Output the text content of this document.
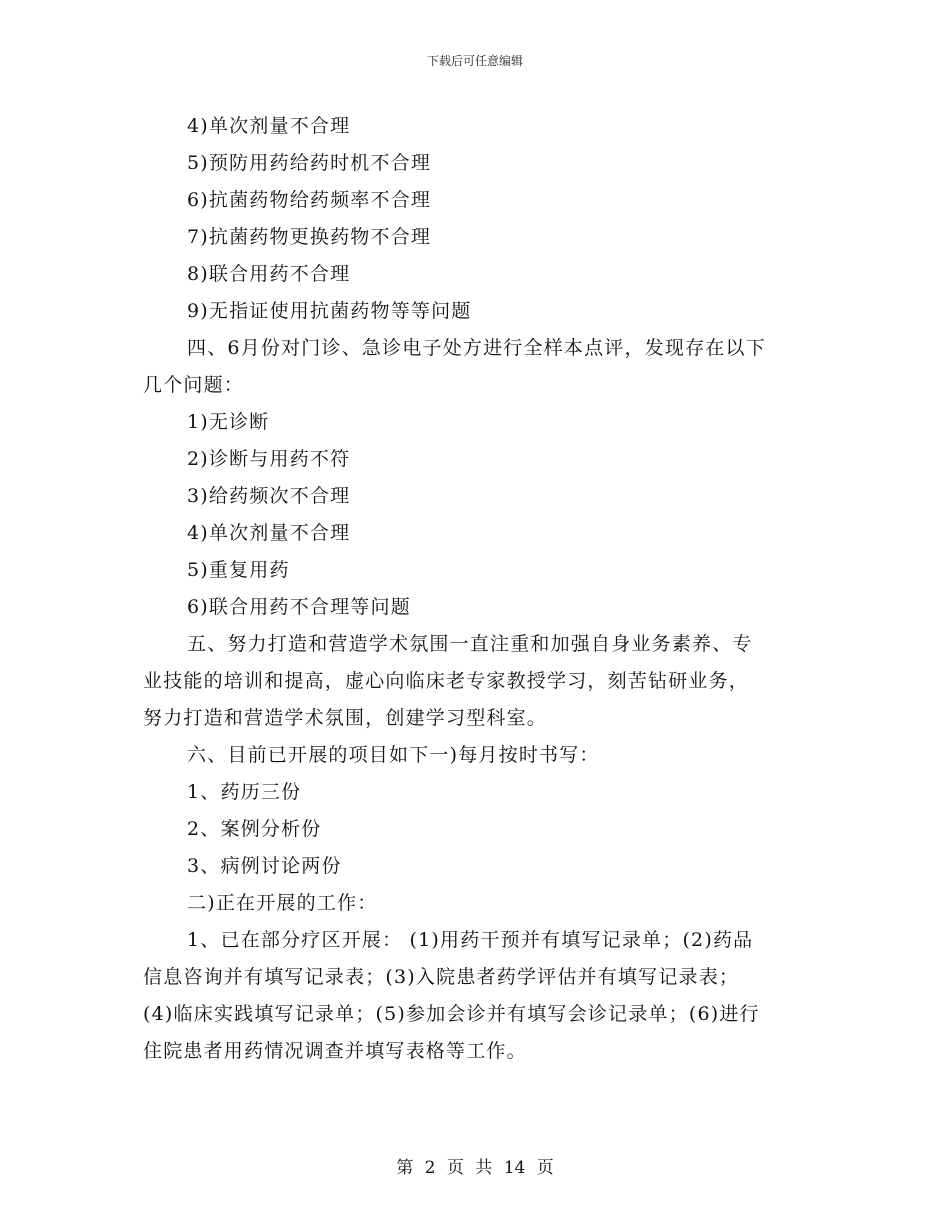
下载后可任意编辑
4)单次剂量不合理
5)预防用药给药时机不合理
6)抗菌药物给药频率不合理
7)抗菌药物更换药物不合理
8)联合用药不合理
9)无指证使用抗菌药物等等问题
四、6月份对门诊、急诊电子处方进行全样本点评，发现存在以下
几个问题：
1)无诊断
2)诊断与用药不符
3)给药频次不合理
4)单次剂量不合理
5)重复用药
6)联合用药不合理等问题
五、努力打造和营造学术氛围一直注重和加强自身业务素养、专
业技能的培训和提高，虚心向临床老专家教授学习，刻苦钻研业务，
努力打造和营造学术氛围，创建学习型科室。
六、目前已开展的项目如下一)每月按时书写：
1、药历三份
2、案例分析份
3、病例讨论两份
二)正在开展的工作：
1、已在部分疗区开展： (1)用药干预并有填写记录单；(2)药品
信息咨询并有填写记录表；(3)入院患者药学评估并有填写记录表；
(4)临床实践填写记录单；(5)参加会诊并有填写会诊记录单；(6)进行
住院患者用药情况调查并填写表格等工作。
第 2 页 共 14 页
